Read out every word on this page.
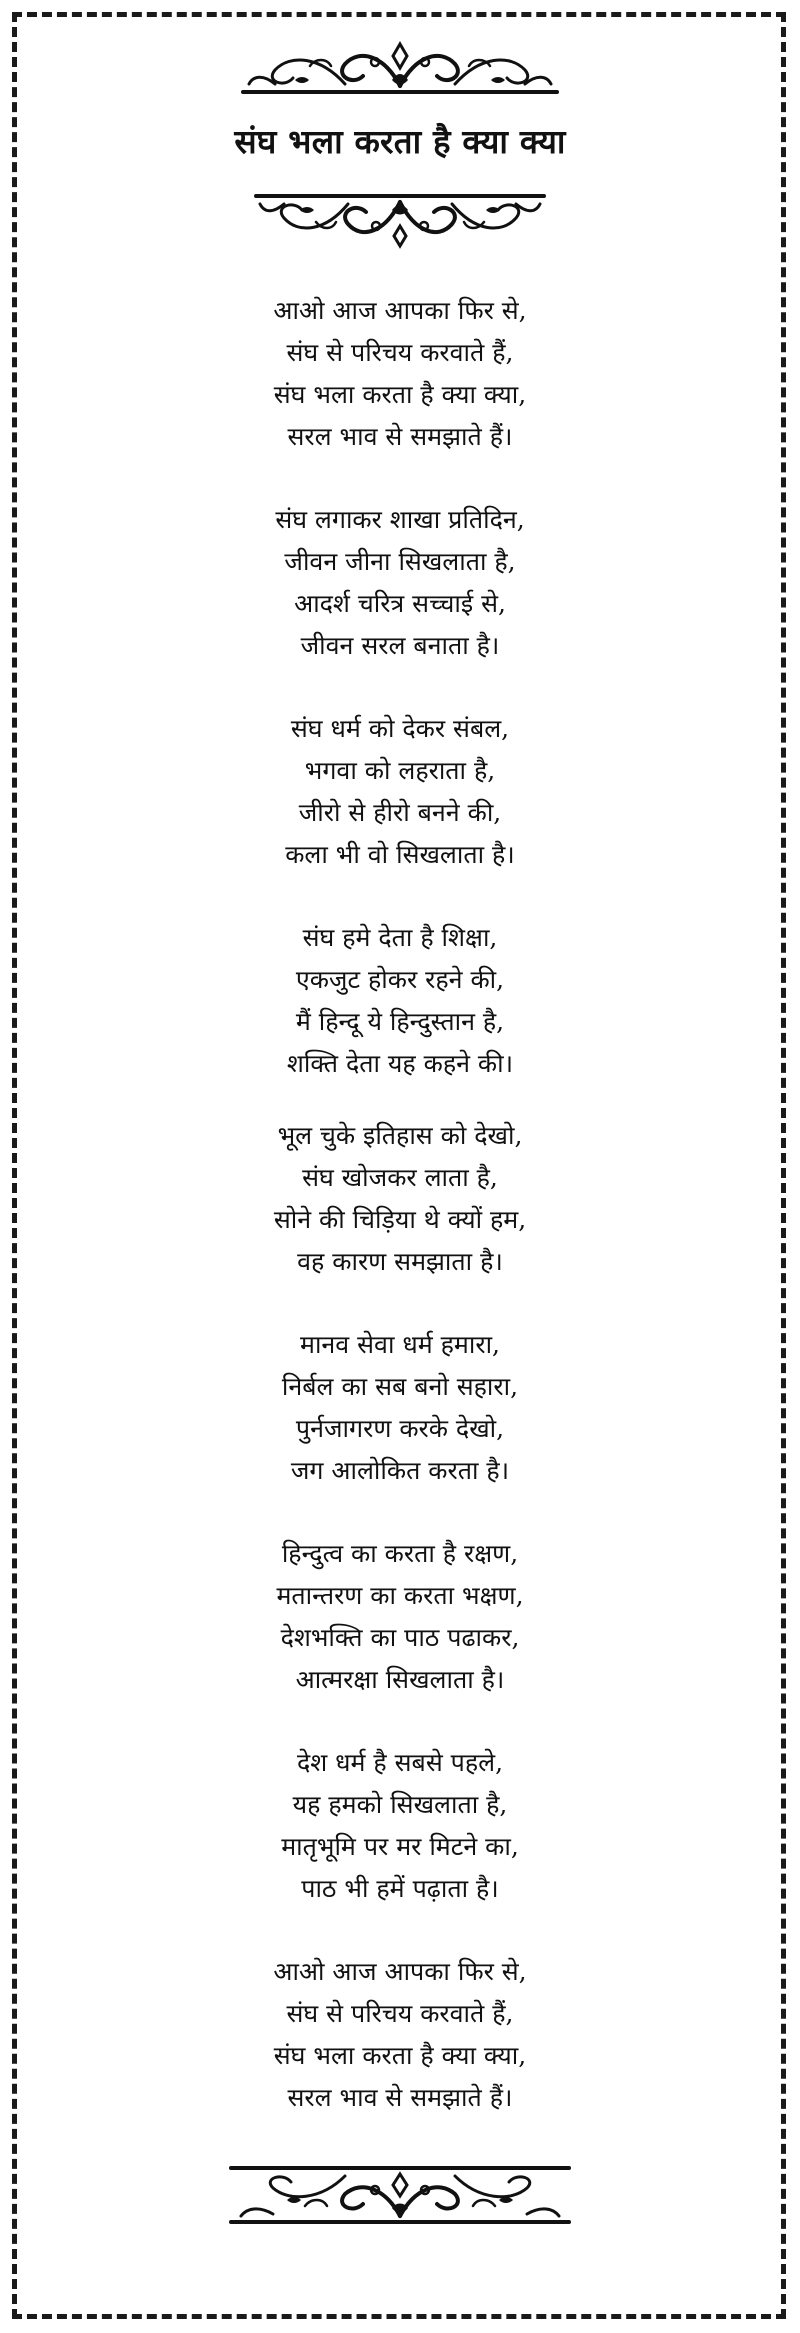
संघ भला करता है क्या क्या
आओ आज आपका फिर से,
संघ से परिचय करवाते हैं,
संघ भला करता है क्या क्या,
सरल भाव से समझाते हैं।
संघ लगाकर शाखा प्रतिदिन,
जीवन जीना सिखलाता है,
आदर्श चरित्र सच्चाई से,
जीवन सरल बनाता है।
संघ धर्म को देकर संबल,
भगवा को लहराता है,
जीरो से हीरो बनने की,
कला भी वो सिखलाता है।
संघ हमे देता है शिक्षा,
एकजुट होकर रहने की,
मैं हिन्दू ये हिन्दुस्तान है,
शक्ति देता यह कहने की।
भूल चुके इतिहास को देखो,
संघ खोजकर लाता है,
सोने की चिड़िया थे क्यों हम,
वह कारण समझाता है।
मानव सेवा धर्म हमारा,
निर्बल का सब बनो सहारा,
पुर्नजागरण करके देखो,
जग आलोकित करता है।
हिन्दुत्व का करता है रक्षण,
मतान्तरण का करता भक्षण,
देशभक्ति का पाठ पढाकर,
आत्मरक्षा सिखलाता है।
देश धर्म है सबसे पहले,
यह हमको सिखलाता है,
मातृभूमि पर मर मिटने का,
पाठ भी हमें पढ़ाता है।
आओ आज आपका फिर से,
संघ से परिचय करवाते हैं,
संघ भला करता है क्या क्या,
सरल भाव से समझाते हैं।
